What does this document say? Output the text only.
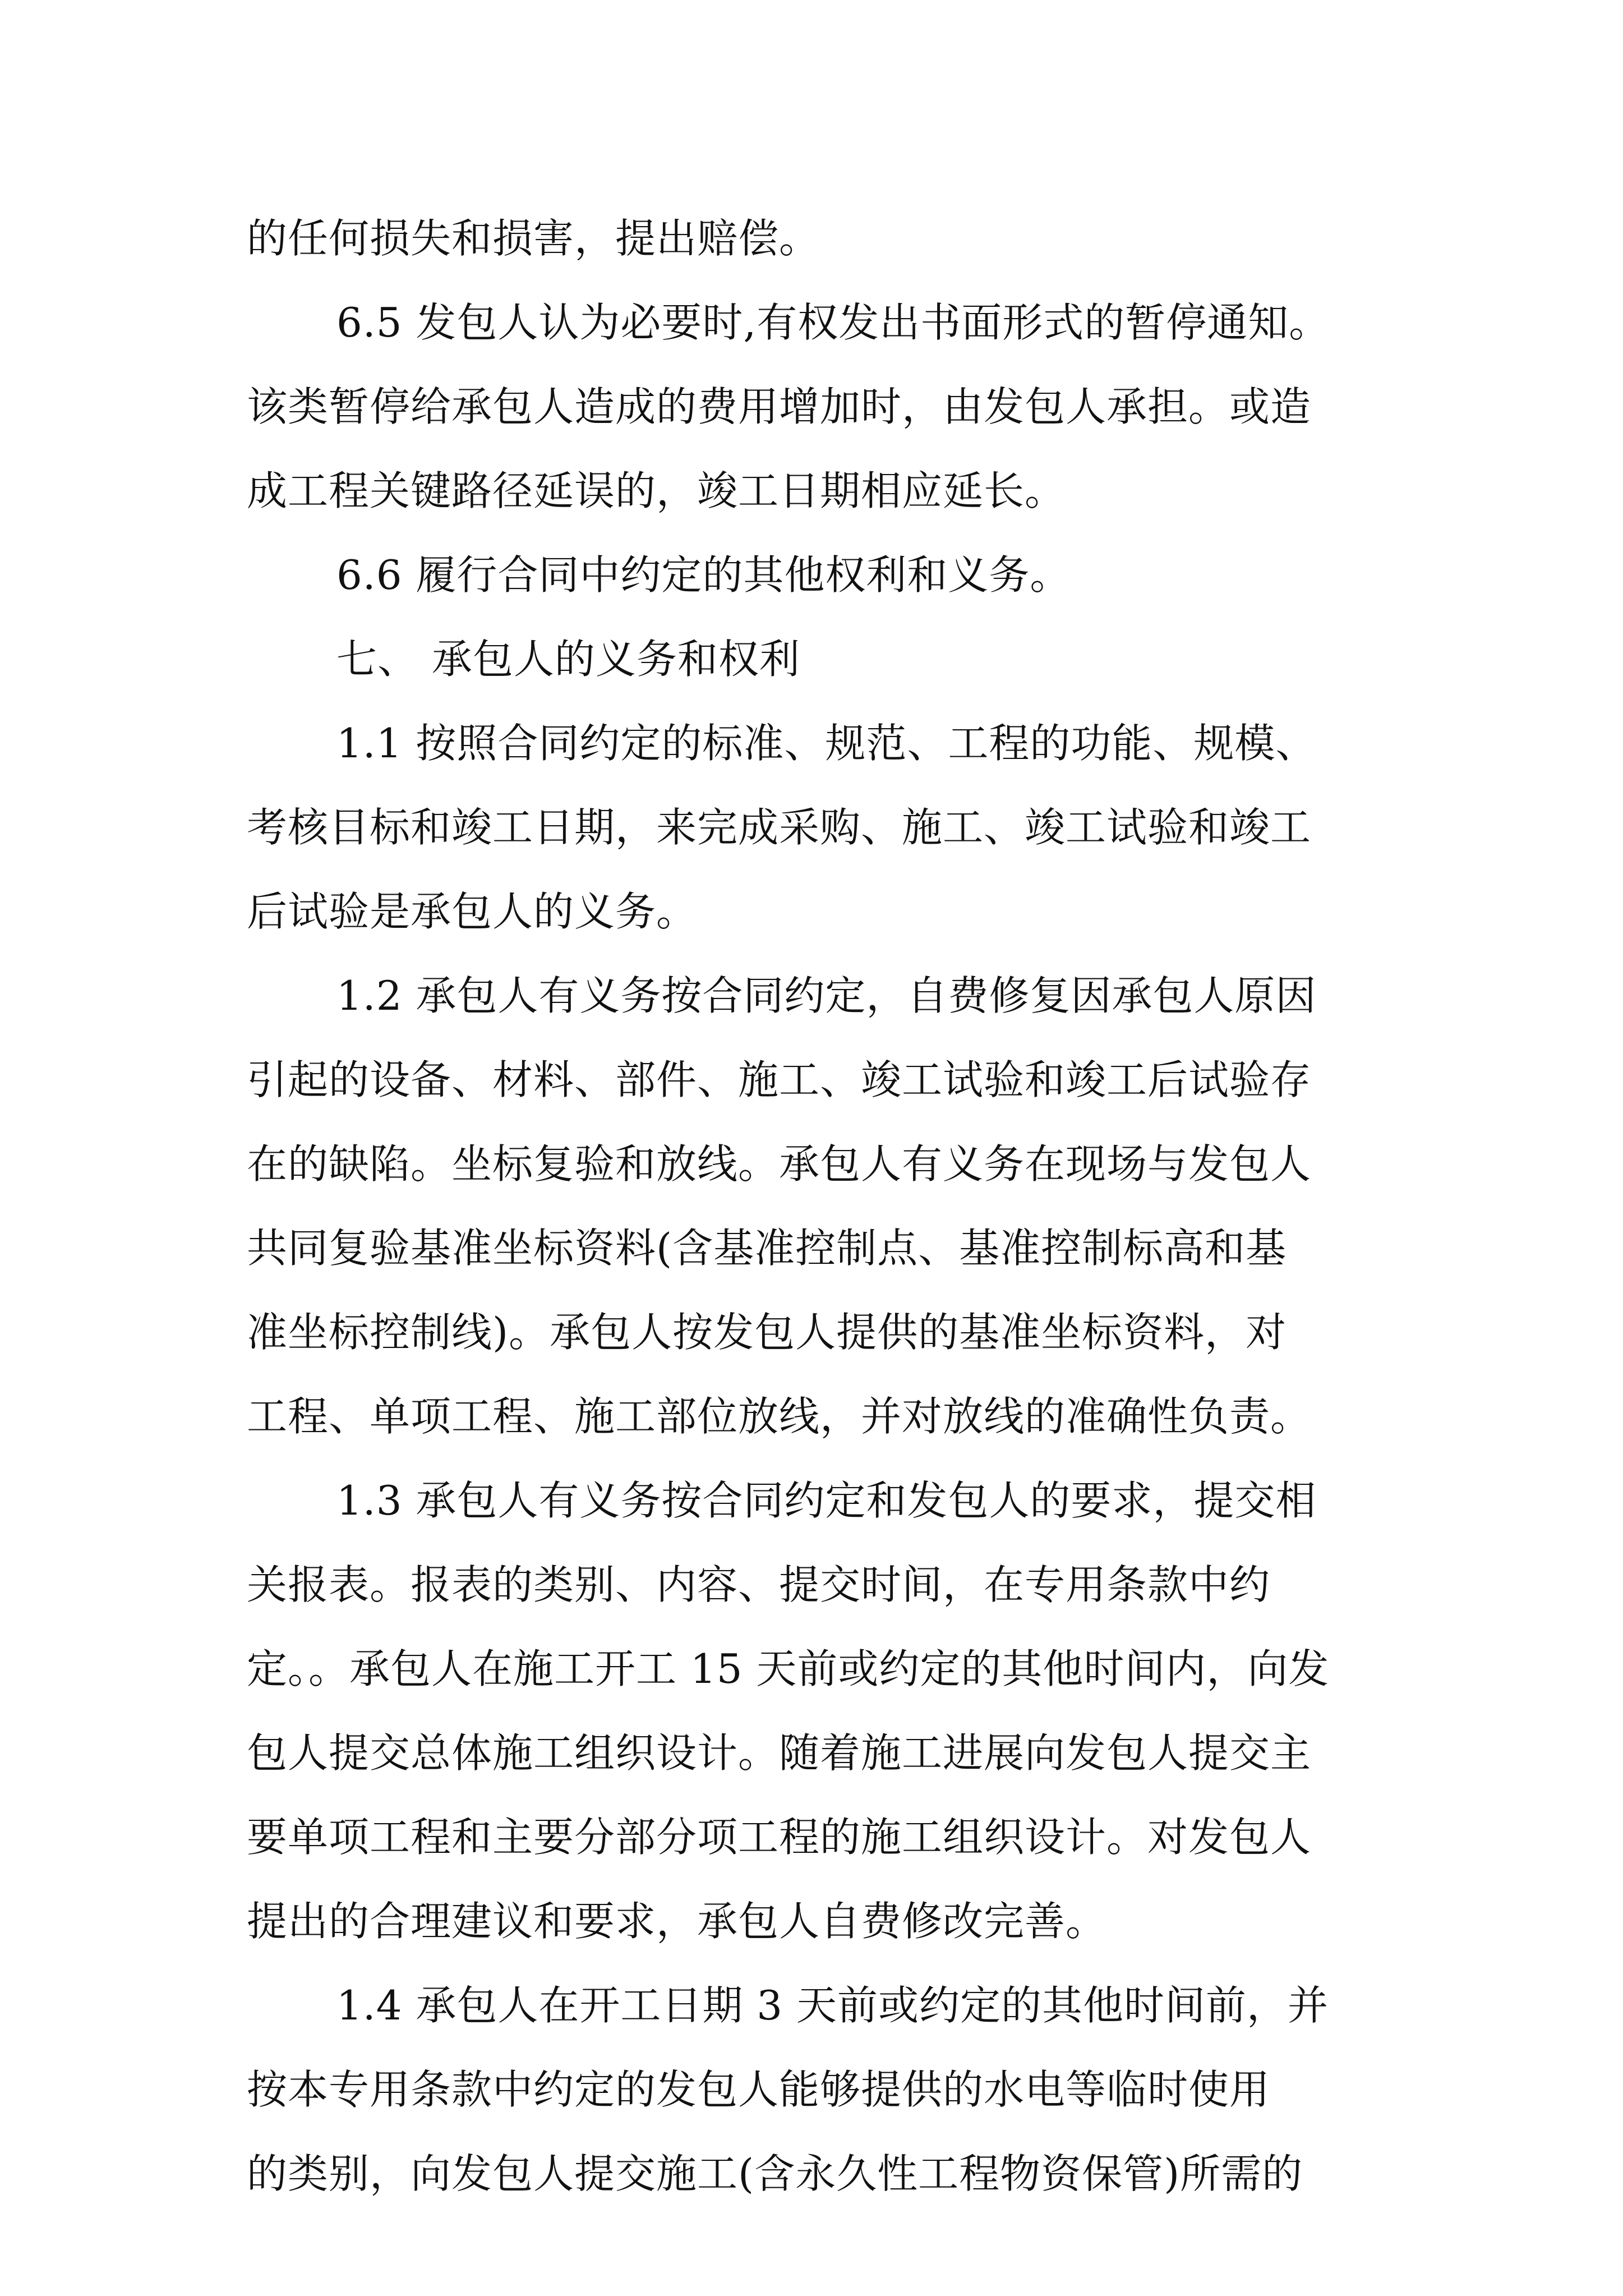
的任何损失和损害，提出赔偿。
6.5 发包人认为必要时,有权发出书面形式的暂停通知。
该类暂停给承包人造成的费用增加时，由发包人承担。或造
成工程关键路径延误的，竣工日期相应延长。
6.6 履行合同中约定的其他权利和义务。
七、 承包人的义务和权利
1.1 按照合同约定的标准、规范、工程的功能、规模、
考核目标和竣工日期，来完成采购、施工、竣工试验和竣工
后试验是承包人的义务。
1.2 承包人有义务按合同约定，自费修复因承包人原因
引起的设备、材料、部件、施工、竣工试验和竣工后试验存
在的缺陷。坐标复验和放线。承包人有义务在现场与发包人
共同复验基准坐标资料(含基准控制点、基准控制标高和基
准坐标控制线)。承包人按发包人提供的基准坐标资料，对
工程、单项工程、施工部位放线，并对放线的准确性负责。
1.3 承包人有义务按合同约定和发包人的要求，提交相
关报表。报表的类别、内容、提交时间，在专用条款中约
定。。承包人在施工开工 15 天前或约定的其他时间内，向发
包人提交总体施工组织设计。随着施工进展向发包人提交主
要单项工程和主要分部分项工程的施工组织设计。对发包人
提出的合理建议和要求，承包人自费修改完善。
1.4 承包人在开工日期 3 天前或约定的其他时间前，并
按本专用条款中约定的发包人能够提供的水电等临时使用
的类别，向发包人提交施工(含永久性工程物资保管)所需的
